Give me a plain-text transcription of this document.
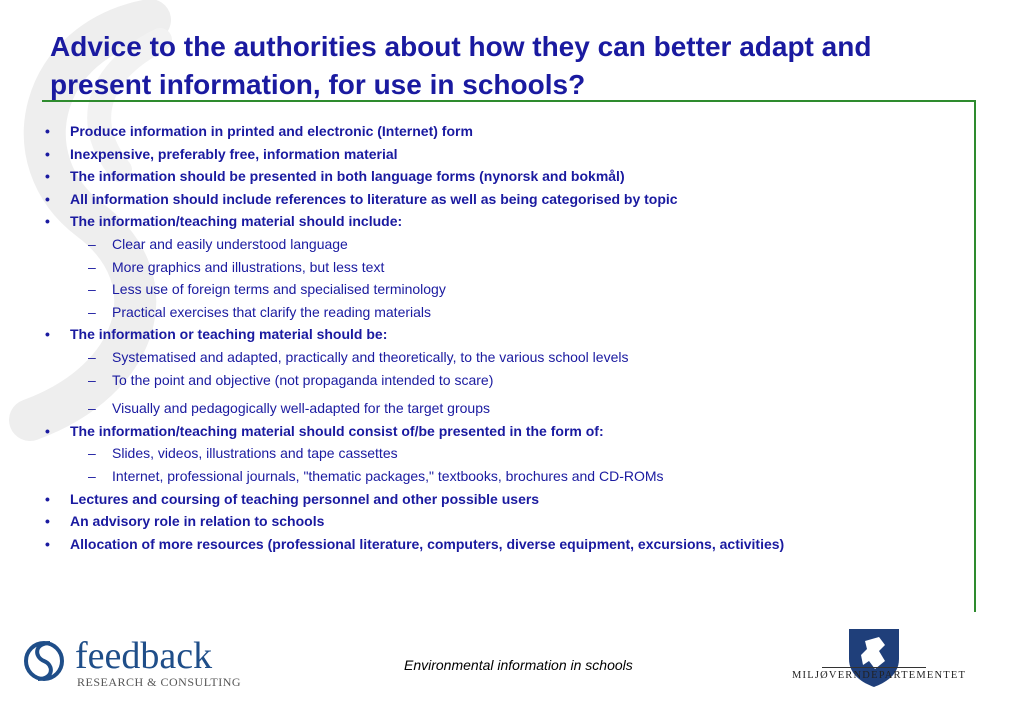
Advice to the authorities about how they can better adapt and present information, for use in schools?
• Produce information in printed and electronic (Internet) form
• Inexpensive, preferably free, information material
• The information should be presented in both language forms (nynorsk and bokmål)
• All information should include references to literature as well as being categorised by topic
• The information/teaching material should include:
– Clear and easily understood language
– More graphics and illustrations, but less text
– Less use of foreign terms and specialised terminology
– Practical exercises that clarify the reading materials
• The information or teaching material should be:
– Systematised and adapted, practically and theoretically, to the various school levels
– To the point and objective (not propaganda intended to scare)
– Visually and pedagogically well-adapted for the target groups
• The information/teaching material should consist of/be presented in the form of:
– Slides, videos, illustrations and tape cassettes
– Internet, professional journals, "thematic packages," textbooks, brochures and CD-ROMs
• Lectures and coursing of teaching personnel and other possible users
• An advisory role in relation to schools
• Allocation of more resources (professional literature, computers, diverse equipment, excursions, activities)
feedback
RESEARCH & CONSULTING
Environmental information in schools
MILJØVERNDEPARTEMENTET
